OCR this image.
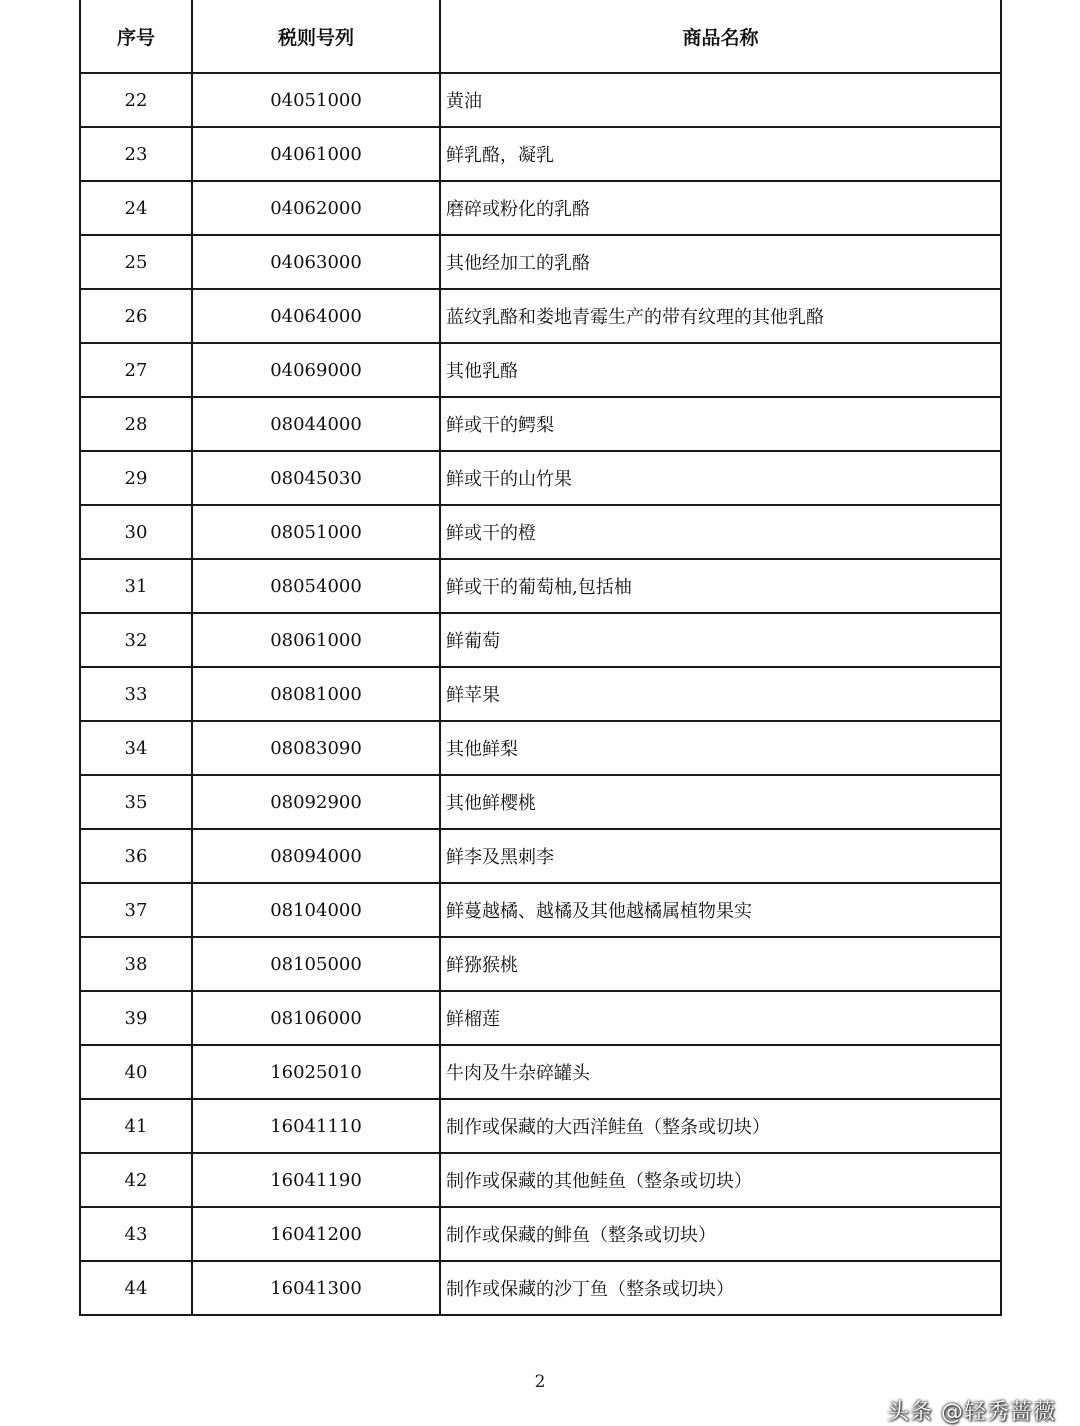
序号	税则号列	商品名称
22	04051000	黄油
23	04061000	鲜乳酪，凝乳
24	04062000	磨碎或粉化的乳酪
25	04063000	其他经加工的乳酪
26	04064000	蓝纹乳酪和娄地青霉生产的带有纹理的其他乳酪
27	04069000	其他乳酪
28	08044000	鲜或干的鳄梨
29	08045030	鲜或干的山竹果
30	08051000	鲜或干的橙
31	08054000	鲜或干的葡萄柚,包括柚
32	08061000	鲜葡萄
33	08081000	鲜苹果
34	08083090	其他鲜梨
35	08092900	其他鲜樱桃
36	08094000	鲜李及黑刺李
37	08104000	鲜蔓越橘、越橘及其他越橘属植物果实
38	08105000	鲜猕猴桃
39	08106000	鲜榴莲
40	16025010	牛肉及牛杂碎罐头
41	16041110	制作或保藏的大西洋鲑鱼（整条或切块）
42	16041190	制作或保藏的其他鲑鱼（整条或切块）
43	16041200	制作或保藏的鲱鱼（整条或切块）
44	16041300	制作或保藏的沙丁鱼（整条或切块）
2
头条 @轻秀蔷薇
